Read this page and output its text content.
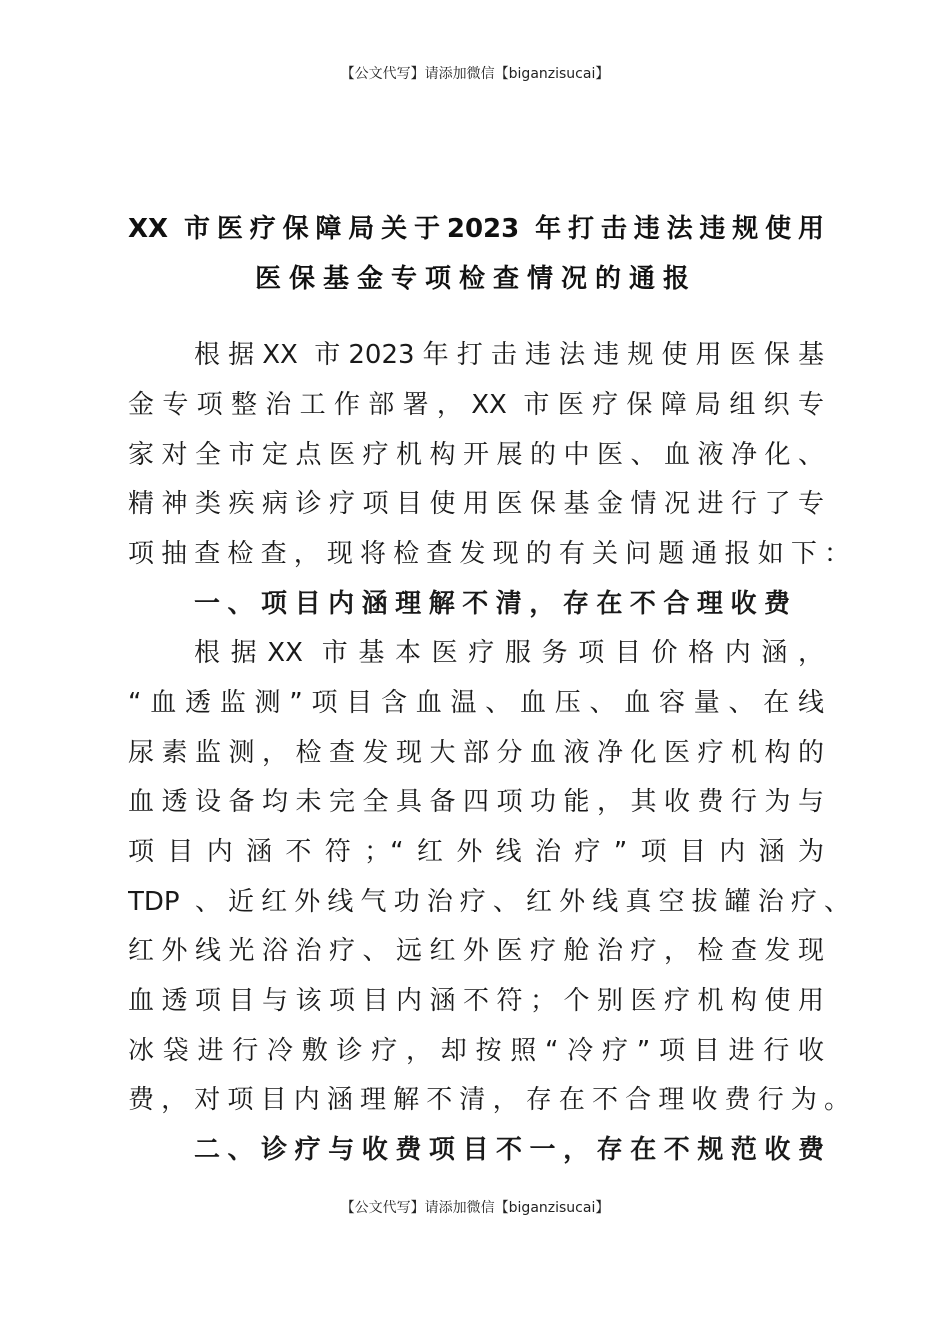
【公文代写】请添加微信【biganzisucai】
XX 市医疗保障局关于2023 年打击违法违规使用
医保基金专项检查情况的通报
根据XX 市2023年打击违法违规使用医保基
金专项整治工作部署，XX 市医疗保障局组织专
家对全市定点医疗机构开展的中医、血液净化、
精神类疾病诊疗项目使用医保基金情况进行了专
项抽查检查，现将检查发现的有关问题通报如下：
一、项目内涵理解不清，存在不合理收费
根据XX 市基本医疗服务项目价格内涵，
“血透监测”项目含血温、血压、血容量、在线
尿素监测，检查发现大部分血液净化医疗机构的
血透设备均未完全具备四项功能，其收费行为与
项目内涵不符；“红外线治疗”项目内涵为
TDP 、近红外线气功治疗、红外线真空拔罐治疗、
红外线光浴治疗、远红外医疗舱治疗，检查发现
血透项目与该项目内涵不符；个别医疗机构使用
冰袋进行冷敷诊疗，却按照“冷疗”项目进行收
费，对项目内涵理解不清，存在不合理收费行为。
二、诊疗与收费项目不一，存在不规范收费
【公文代写】请添加微信【biganzisucai】
